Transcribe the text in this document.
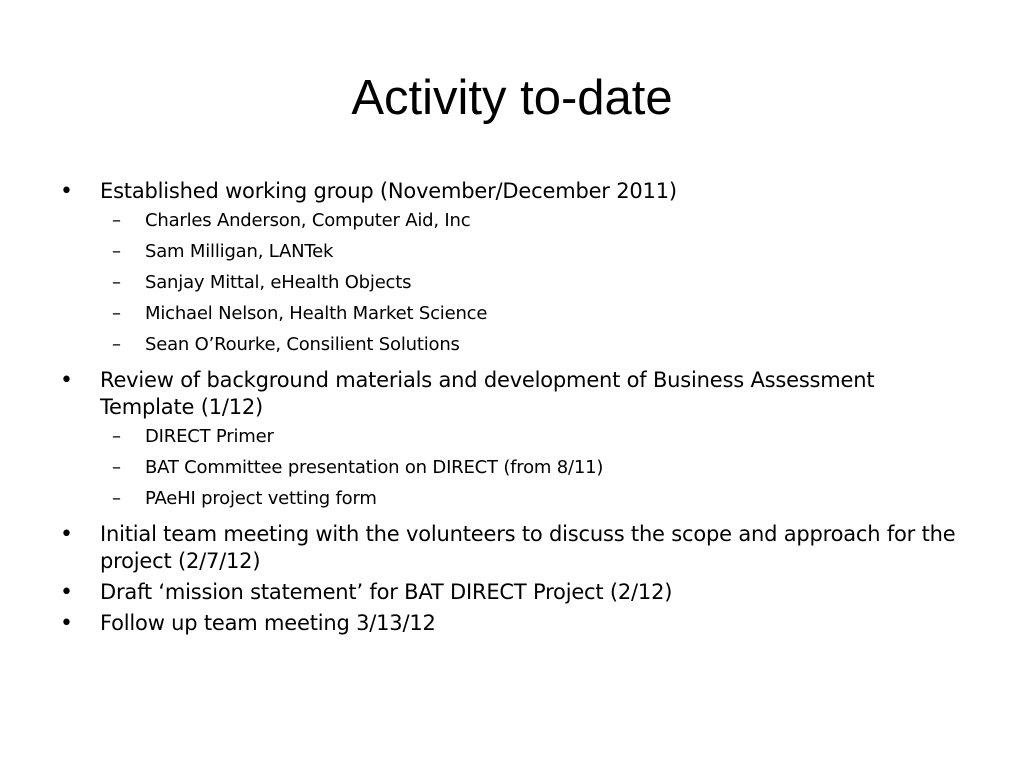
Activity to-date
•	Established working group (November/December 2011)
– Charles Anderson, Computer Aid, Inc
– Sam Milligan, LANTek
– Sanjay Mittal, eHealth Objects
– Michael Nelson, Health Market Science
– Sean O’Rourke, Consilient Solutions
•	Review of background materials and development of Business Assessment Template (1/12)
– DIRECT Primer
– BAT Committee presentation on DIRECT (from 8/11)
– PAeHI project vetting form
•	Initial team meeting with the volunteers to discuss the scope and approach for the project (2/7/12)
•	Draft ‘mission statement’ for BAT DIRECT Project (2/12)
•	Follow up team meeting 3/13/12
